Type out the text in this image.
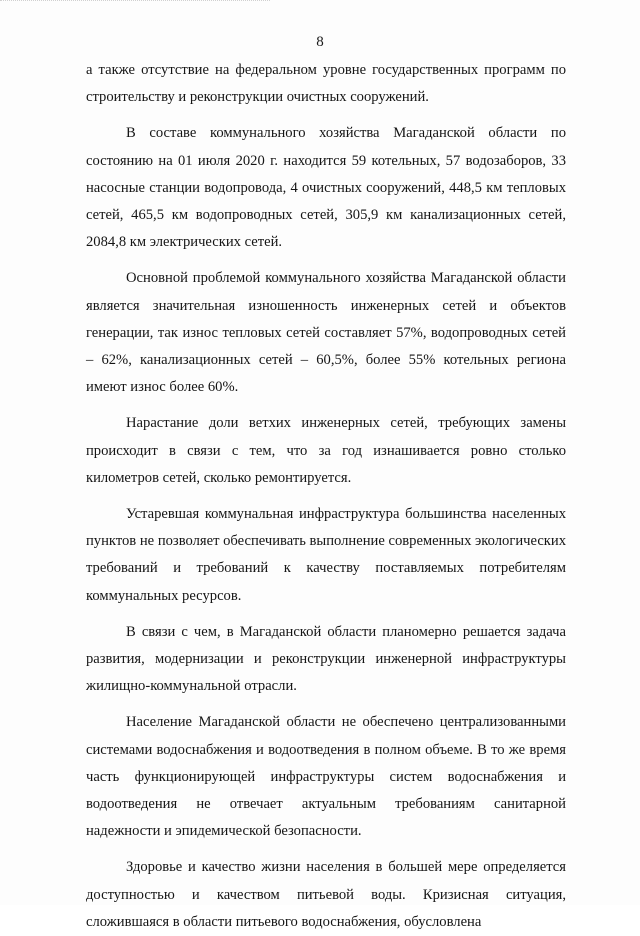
8

а также отсутствие на федеральном уровне государственных программ по строительству и реконструкции очистных сооружений.

В составе коммунального хозяйства Магаданской области по состоянию на 01 июля 2020 г. находится 59 котельных, 57 водозаборов, 33 насосные станции водопровода, 4 очистных сооружений, 448,5 км тепловых сетей, 465,5 км водопроводных сетей, 305,9 км канализационных сетей, 2084,8 км электрических сетей.

Основной проблемой коммунального хозяйства Магаданской области является значительная изношенность инженерных сетей и объектов генерации, так износ тепловых сетей составляет 57%, водопроводных сетей – 62%, канализационных сетей – 60,5%, более 55% котельных региона имеют износ более 60%.

Нарастание доли ветхих инженерных сетей, требующих замены происходит в связи с тем, что за год изнашивается ровно столько километров сетей, сколько ремонтируется.

Устаревшая коммунальная инфраструктура большинства населенных пунктов не позволяет обеспечивать выполнение современных экологических требований и требований к качеству поставляемых потребителям коммунальных ресурсов.

В связи с чем, в Магаданской области планомерно решается задача развития, модернизации и реконструкции инженерной инфраструктуры жилищно-коммунальной отрасли.

Население Магаданской области не обеспечено централизованными системами водоснабжения и водоотведения в полном объеме. В то же время часть функционирующей инфраструктуры систем водоснабжения и водоотведения не отвечает актуальным требованиям санитарной надежности и эпидемической безопасности.

Здоровье и качество жизни населения в большей мере определяется доступностью и качеством питьевой воды. Кризисная ситуация, сложившаяся в области питьевого водоснабжения, обусловлена
